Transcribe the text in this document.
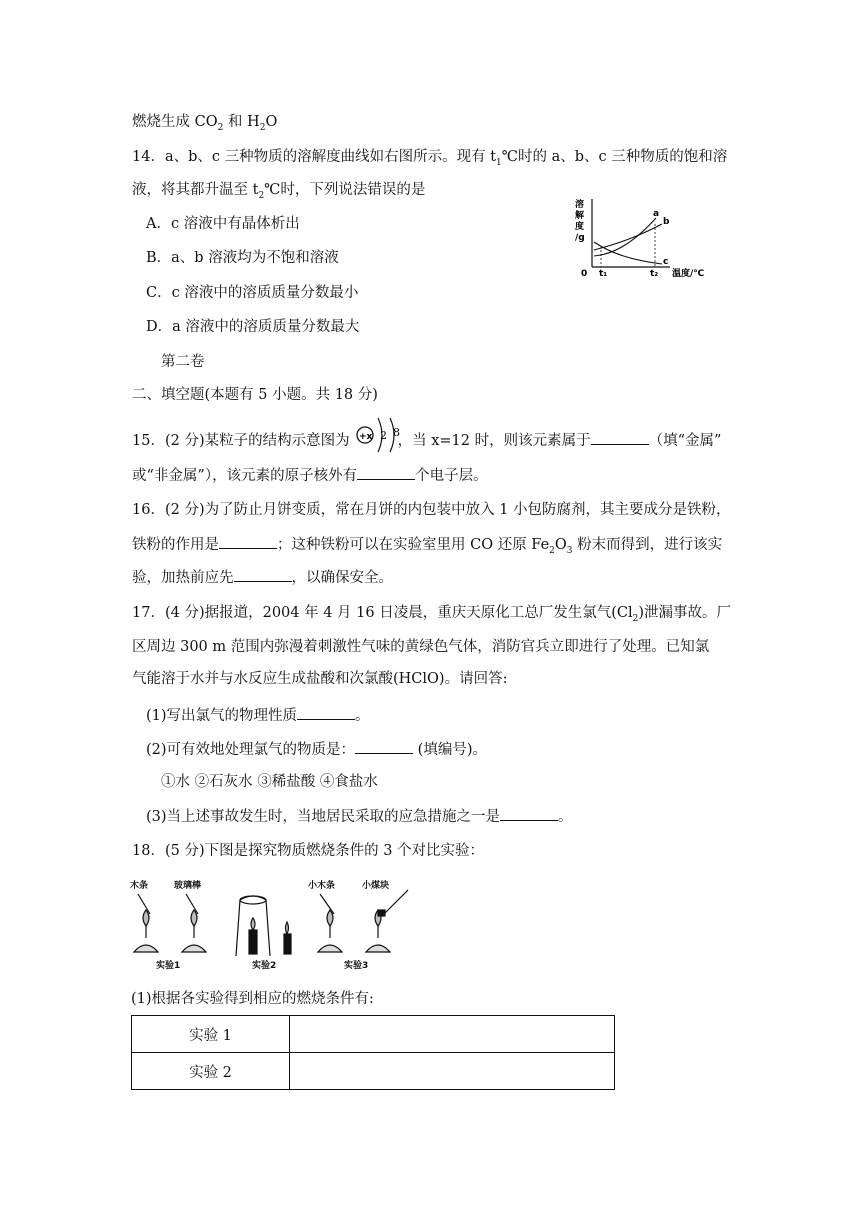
燃烧生成 $CO_2$ 和 $H_2O$
14．a、b、c 三种物质的溶解度曲线如右图所示。现有 $t_1℃$时的 a、b、c 三种物质的饱和溶
液，将其都升温至 $t_2℃$时，下列说法错误的是
A．c 溶液中有晶体析出
B．a、b 溶液均为不饱和溶液
C．c 溶液中的溶质质量分数最小
D．a 溶液中的溶质质量分数最大
溶
解
度
/g
0 t₁	t₂ 温度/℃
a
b
c
第二卷
二、填空题(本题有 5 小题。共 18 分)
15．(2 分)某粒子的结构示意图为	，当 x=12 时，则该元素属于	（填“金属”
+x 2 8
或“非金属”），该元素的原子核外有	个电子层。
16．(2 分)为了防止月饼变质，常在月饼的内包装中放入 1 小包防腐剂，其主要成分是铁粉，
铁粉的作用是	；这种铁粉可以在实验室里用 CO 还原 $Fe_2O_3$ 粉末而得到，进行该实
验，加热前应先	，以确保安全。
17．(4 分)据报道，2004 年 4 月 16 日凌晨，重庆天原化工总厂发生氯气$(Cl_2)$泄漏事故。厂
区周边 300 m 范围内弥漫着刺激性气味的黄绿色气体，消防官兵立即进行了处理。已知氯
气能溶于水并与水反应生成盐酸和次氯酸(HClO)。请回答:
(1)写出氯气的物理性质	。
(2)可有效地处理氯气的物质是：	(填编号)。
①水 ②石灰水 ③稀盐酸 ④食盐水
(3)当上述事故发生时，当地居民采取的应急措施之一是	。
18．(5 分)下图是探究物质燃烧条件的 3 个对比实验：
木条	玻璃棒
实验1	实验2
小木条	小煤块
实验3
(1)根据各实验得到相应的燃烧条件有:
实验 1	
实验 2	
